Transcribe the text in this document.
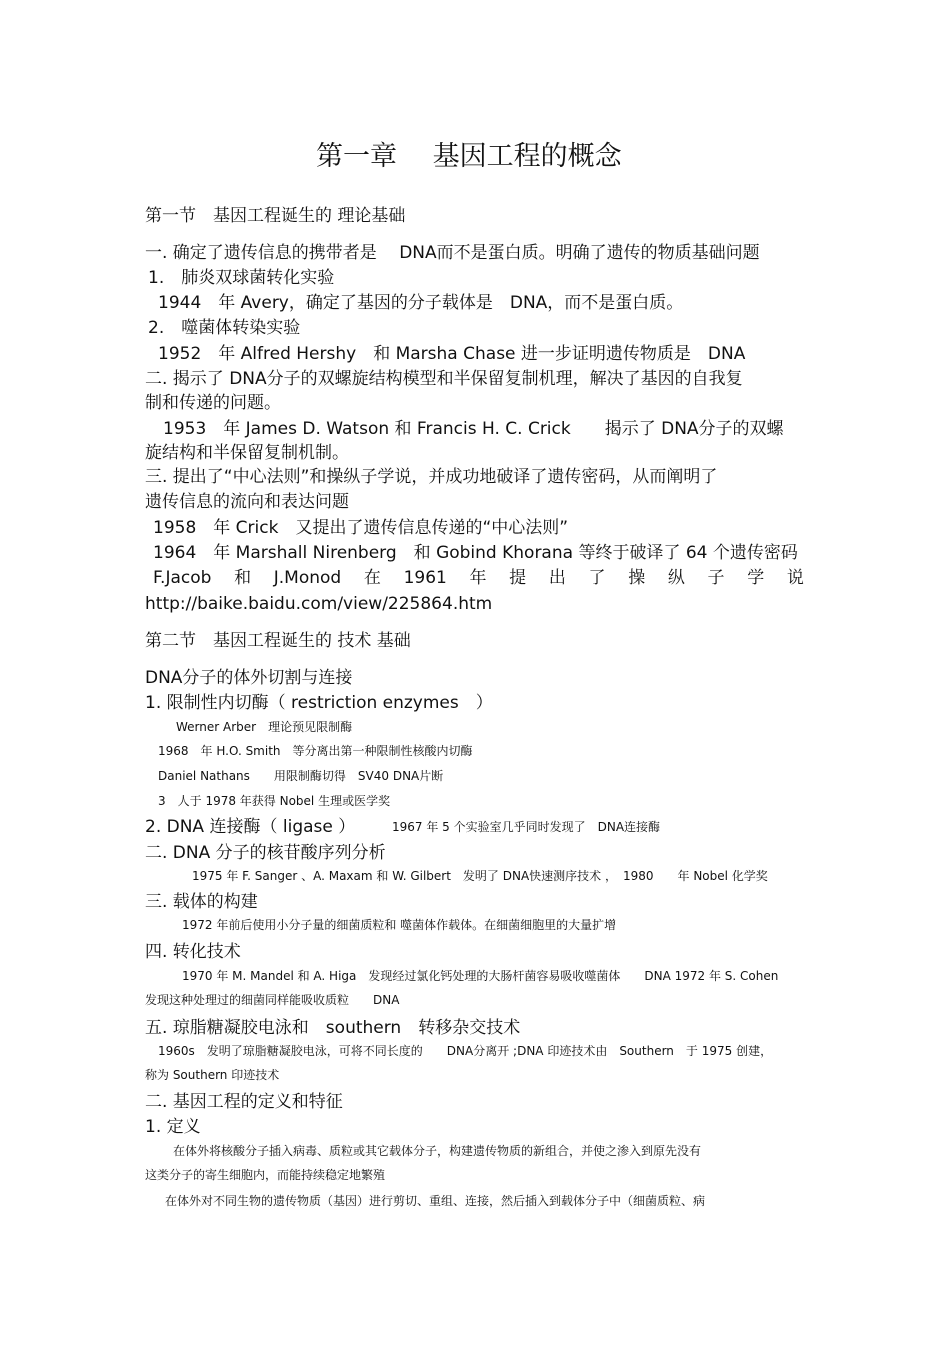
第一章 　基因工程的概念
第一节　基因工程诞生的 理论基础
一. 确定了遗传信息的携带者是　 DNA而不是蛋白质。明确了遗传的物质基础问题
1.　肺炎双球菌转化实验
1944　年 Avery，确定了基因的分子载体是　DNA，而不是蛋白质。
2.　噬菌体转染实验
1952　年 Alfred Hershy　和 Marsha Chase 进一步证明遗传物质是　DNA
二. 揭示了 DNA分子的双螺旋结构模型和半保留复制机理，解决了基因的自我复
制和传递的问题。
1953　年 James D. Watson 和 Francis H. C. Crick　　揭示了 DNA分子的双螺
旋结构和半保留复制机制。
三. 提出了“中心法则”和操纵子学说，并成功地破译了遗传密码，从而阐明了
遗传信息的流向和表达问题
1958　年 Crick　又提出了遗传信息传递的“中心法则”
1964　年 Marshall Nirenberg　和 Gobind Khorana 等终于破译了 64 个遗传密码
F.Jacob 和 J.Monod 在 1961 年 提 出 了 操 纵 子 学 说
http://baike.baidu.com/view/225864.htm
第二节　基因工程诞生的 技术 基础
DNA分子的体外切割与连接
1. 限制性内切酶（ restriction enzymes　）
Werner Arber　理论预见限制酶
1968　年 H.O. Smith　等分离出第一种限制性核酸内切酶
Daniel Nathans　　用限制酶切得　SV40 DNA片断
3　人于 1978 年获得 Nobel 生理或医学奖
2. DNA 连接酶（ ligase ）	1967 年 5 个实验室几乎同时发现了　DNA连接酶
二. DNA 分子的核苷酸序列分析
1975 年 F. Sanger 、A. Maxam 和 W. Gilbert　发明了 DNA快速测序技术 ，　1980　　年 Nobel 化学奖
三. 载体的构建
1972 年前后使用小分子量的细菌质粒和 噬菌体作载体。在细菌细胞里的大量扩增
四. 转化技术
1970 年 M. Mandel 和 A. Higa　发现经过氯化钙处理的大肠杆菌容易吸收噬菌体　　DNA 1972 年 S. Cohen
发现这种处理过的细菌同样能吸收质粒　　DNA
五. 琼脂糖凝胶电泳和　southern　转移杂交技术
1960s　发明了琼脂糖凝胶电泳，可将不同长度的　　DNA分离开 ;DNA 印迹技术由　Southern　于 1975 创建，
称为 Southern 印迹技术
二. 基因工程的定义和特征
1. 定义
在体外将核酸分子插入病毒、质粒或其它载体分子，构建遗传物质的新组合，并使之渗入到原先没有
这类分子的寄生细胞内，而能持续稳定地繁殖
在体外对不同生物的遗传物质（基因）进行剪切、重组、连接，然后插入到载体分子中（细菌质粒、病
